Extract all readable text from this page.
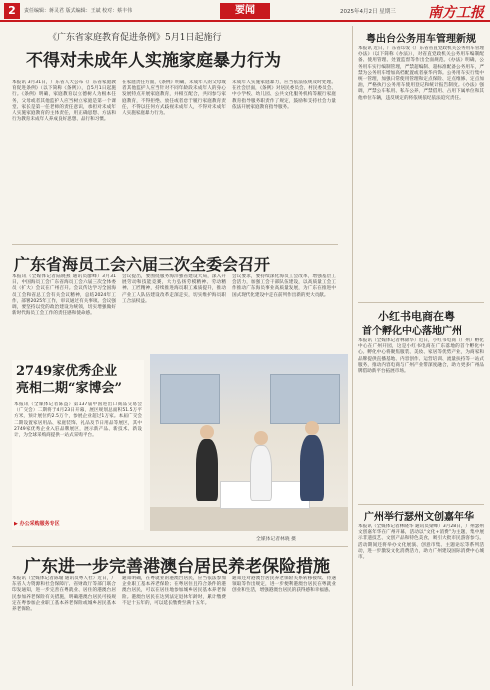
2	责任编辑：蒋灵君 版式编辑：王斌 校对：蔡丰伟	要闻	2025年4月2日 星期三 南方工报
《广东省家庭教育促进条例》5月1日起施行
不得对未成年人实施家庭暴力行为
本报讯 3月31日，广东省人大公布《广东省家庭教育促进条例》（以下简称《条例》），自5月1日起施行。《条例》明确，家庭教育以立德树人为根本任务，父母或者其他监护人应当树立家庭是第一个课堂、家长是第一任老师的责任意识，承担对未成年人实施家庭教育的主体责任，用正确思想、方法和行为教育未成年人养成良好思想、品行和习惯。
在家庭责任方面，《条例》明确，未成年人的父母或者其他监护人应当针对不同年龄段未成年人的身心发展特点开展家庭教育，并相互配合，共同参与家庭教育，不得拒绝、放任或者怠于履行家庭教育责任，不得以任何方式歧视未成年人，不得对未成年人实施家庭暴力行为。
未成年人实施家庭暴力，应当依法依规及时处理。在社会层面，《条例》对居民委员会、村民委员会、中小学校、幼儿园、公共文化服务机构等履行家庭教育指导服务职责作了规定，鼓励和支持社会力量依法开展家庭教育指导服务。
广东省海员工会六届三次全委会召开
本报讯（全媒体记者陆晓燕 通讯员廖峰）3月31日，中国海员工会广东省海员工会六届三次全体委员（扩大）会议在广州召开。会议传达学习全国海员工会和省总工会有关会议精神，总结2024年工作，部署2025年工作，审议通过有关事项。会议强调，要坚持以党的政治建设为统领，切实增强做好新时代海员工会工作的责任感和使命感。
会议提出，要围绕服务海洋强省建设大局，深入开展劳动和技能竞赛，大力弘扬劳模精神、劳动精神、工匠精神，持续推进海员职工素质提升，推动产业工人队伍建设改革走深走实，切实维护海员职工合法权益。
会议要求，要持续深化海员工会改革，增强基层工会活力，加强工会干部队伍建设，以高质量工会工作推动广东海员事业高质量发展，为广东在推进中国式现代化建设中走在前列作出新的更大贡献。
2749家优秀企业
亮相二期“家博会”
本报讯（全媒体记者陈益）第137届中国进出口商品交易会（广交会）二期将于4月23日开幕，展区规划总面积51.5万平方米，预计展位约2.5万个，参展企业超过1万家。本届广交会二期设置家居用品、家庭装饰、礼品及节日用品等展区，其中2749家优秀企业入驻品牌展区，展示新产品、新技术、新设计，为全球采购商提供一站式采购平台。
▶ 办公采购服务专区
全媒体记者林晓 摄
广东进一步完善港澳台居民养老保险措施
本报讯（全媒体记者陈瑜 通讯员粤人社）近日，广东省人力资源和社会保障厅、省财政厅等部门联合印发通知，进一步完善在粤就业、居住的港澳台居民参加养老保险有关措施，明确港澳台居民可按规定在粤参加企业职工基本养老保险或城乡居民基本养老保险。
通知明确，在粤就业的港澳台居民，应当依法参加企业职工基本养老保险；在粤居住且符合条件的港澳台居民，可以在居住地参加城乡居民基本养老保险。港澳台居民在达到法定退休年龄时，累计缴费不足十五年的，可以延长缴费至满十五年。
通知还对港澳台居民养老保险关系转移接续、待遇领取等作出规定，进一步便利港澳台居民在粤就业创业和生活，增强港澳台居民的获得感和幸福感。
粤出台公务用车管理新规
本报讯 近日，广东省印发《广东省省直党政机关公务用车管理办法》（以下简称《办法》），对省直党政机关公务用车编制配备、使用管理、处置监督等作出全面规范。《办法》明确，公务用车实行编制管理，严禁超编制、超标准配备公务用车，严禁为公务用车增加高档配置或者豪华内饰。公务用车实行集中统一管理，加强日常使用管理和定点保险、定点维修、定点加油，严格执行公务用车使用登记和统计报告制度。《办法》强调，严禁公车私用、私车公养，严禁借用、占用下属单位和其他单位车辆，违反规定的将依规依纪依法追究责任。
小红书电商在粤
首个孵化中心落地广州
本报讯（全媒体记者林锦华）近日，小红书电商（广州）孵化中心在广州开园，这是小红书电商在广东落地的首个孵化中心。孵化中心将聚焦服装、美妆、家居等优势产业，为商家和品牌提供直播基地、内容创作、运营培训、流量扶持等一站式服务，推动内容电商与广州产业带深度融合，助力更多广州品牌借助新平台拓展市场。
广州举行瑟州文创嘉年华
本报讯（全媒体记者林晓华 通讯员梁峰）3月28日，广州瑟州文创嘉年华在广州开幕，活动以“文化+消费”为主题，集中展示非遗技艺、文创产品和特色美食，吸引大批市民游客参与。活动期间还将举办文化展演、创意市集、主题论坛等系列活动，进一步激发文化消费活力，助力广州建设国际消费中心城市。
